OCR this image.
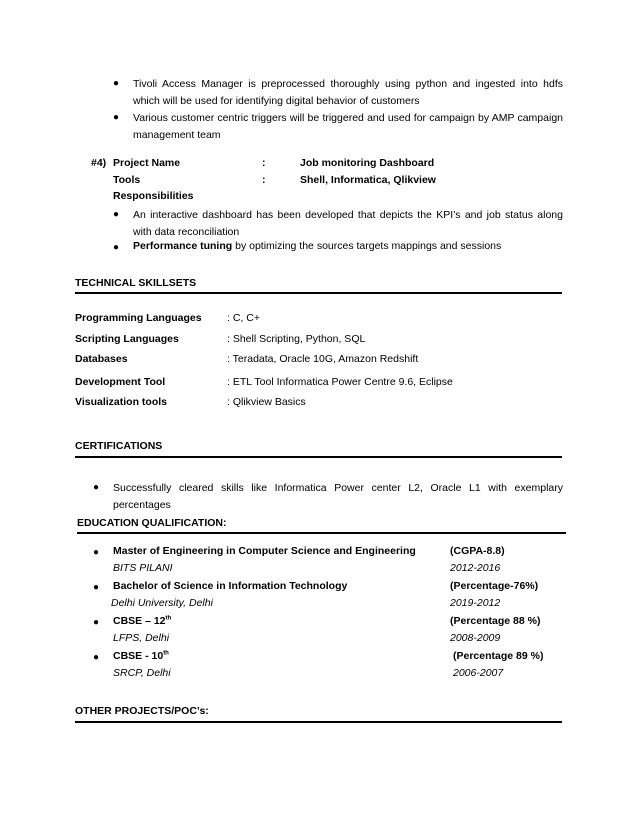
● Tivoli Access Manager is preprocessed thoroughly using python and ingested into hdfs which will be used for identifying digital behavior of customers
● Various customer centric triggers will be triggered and used for campaign by AMP campaign management team
#4) Project Name	:	Job monitoring Dashboard
Tools	:	Shell, Informatica, Qlikview
Responsibilities
● An interactive dashboard has been developed that depicts the KPI’s and job status along with data reconciliation
● Performance tuning by optimizing the sources targets mappings and sessions
TECHNICAL SKILLSETS
Programming Languages : C, C+
Scripting Languages	: Shell Scripting, Python, SQL
Databases	: Teradata, Oracle 10G, Amazon Redshift
Development Tool	: ETL Tool Informatica Power Centre 9.6, Eclipse
Visualization tools	: Qlikview Basics
CERTIFICATIONS
● Successfully cleared skills like Informatica Power center L2, Oracle L1 with exemplary percentages
EDUCATION QUALIFICATION:
● Master of Engineering in Computer Science and Engineering	(CGPA-8.8)
BITS PILANI	2012-2016
● Bachelor of Science in Information Technology	(Percentage-76%)
Delhi University, Delhi	2019-2012
● CBSE – 12th	(Percentage 88 %)
LFPS, Delhi	2008-2009
● CBSE - 10th	(Percentage 89 %)
SRCP, Delhi	2006-2007
OTHER PROJECTS/POC’s:
